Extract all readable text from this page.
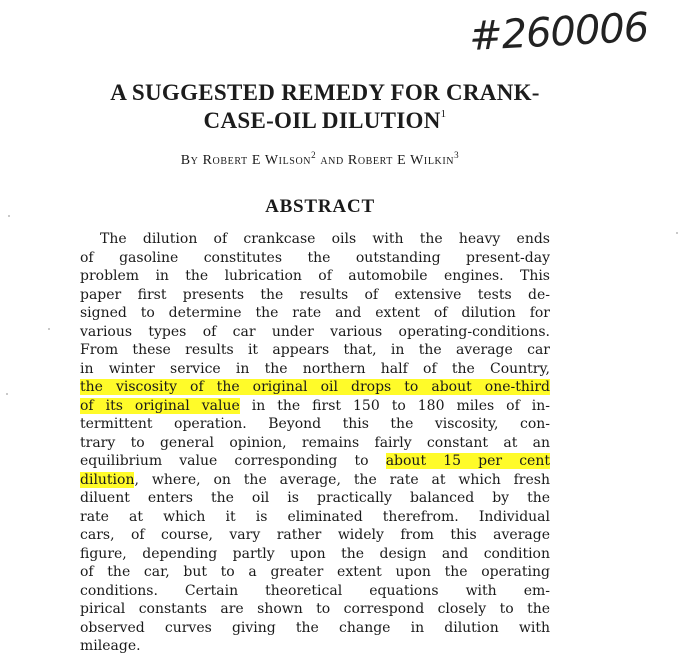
#260006
A SUGGESTED REMEDY FOR CRANK-
CASE-OIL DILUTION$^1$

By Robert E Wilson$^2$ and Robert E Wilkin$^3$

ABSTRACT
The dilution of crankcase oils with the heavy ends
of gasoline constitutes the outstanding present-day
problem in the lubrication of automobile engines. This
paper first presents the results of extensive tests de-
signed to determine the rate and extent of dilution for
various types of car under various operating-conditions.
From these results it appears that, in the average car
in winter service in the northern half of the Country,
the viscosity of the original oil drops to about one-third
of its original value in the first 150 to 180 miles of in-
termittent operation. Beyond this the viscosity, con-
trary to general opinion, remains fairly constant at an
equilibrium value corresponding to about 15 per cent
dilution, where, on the average, the rate at which fresh
diluent enters the oil is practically balanced by the
rate at which it is eliminated therefrom. Individual
cars, of course, vary rather widely from this average
figure, depending partly upon the design and condition
of the car, but to a greater extent upon the operating
conditions. Certain theoretical equations with em-
pirical constants are shown to correspond closely to the
observed curves giving the change in dilution with
mileage.
